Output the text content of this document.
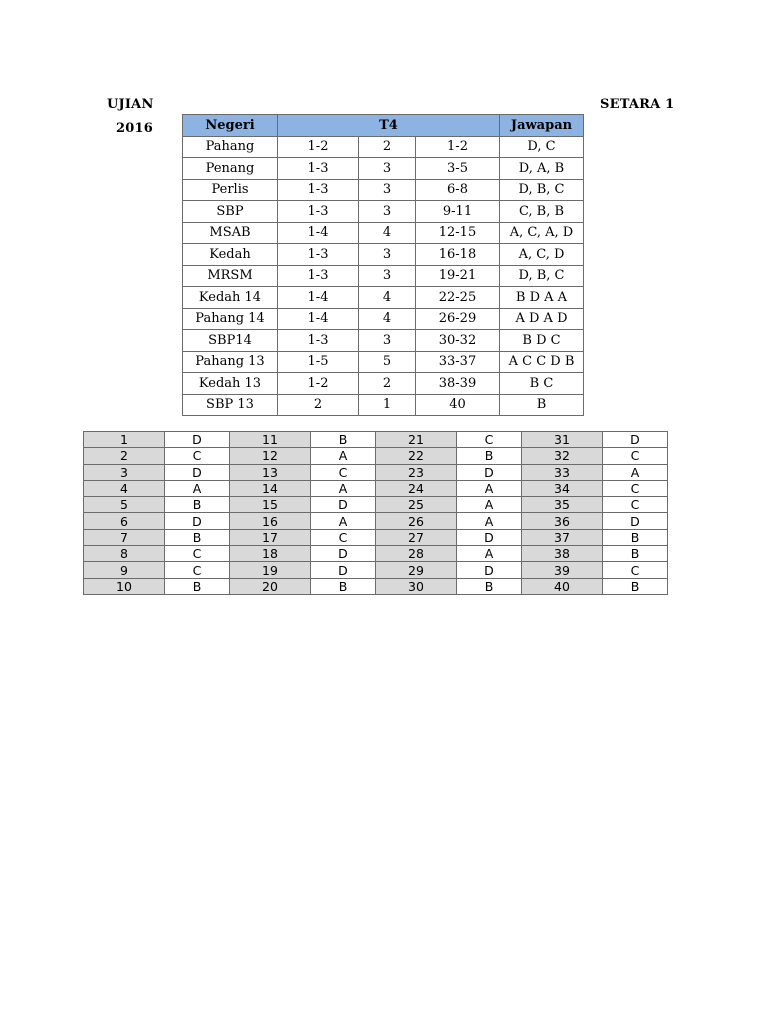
UJIAN
2016
SETARA 1
Negeri	T4			Jawapan
Pahang	1-2	2	1-2	D, C
Penang	1-3	3	3-5	D, A, B
Perlis	1-3	3	6-8	D, B, C
SBP	1-3	3	9-11	C, B, B
MSAB	1-4	4	12-15	A, C, A, D
Kedah	1-3	3	16-18	A, C, D
MRSM	1-3	3	19-21	D, B, C
Kedah 14	1-4	4	22-25	B D A A
Pahang 14	1-4	4	26-29	A D A D
SBP14	1-3	3	30-32	B D C
Pahang 13	1-5	5	33-37	A C C D B
Kedah 13	1-2	2	38-39	B C
SBP 13	2	1	40	B
1	D	11	B	21	C	31	D
2	C	12	A	22	B	32	C
3	D	13	C	23	D	33	A
4	A	14	A	24	A	34	C
5	B	15	D	25	A	35	C
6	D	16	A	26	A	36	D
7	B	17	C	27	D	37	B
8	C	18	D	28	A	38	B
9	C	19	D	29	D	39	C
10	B	20	B	30	B	40	B
